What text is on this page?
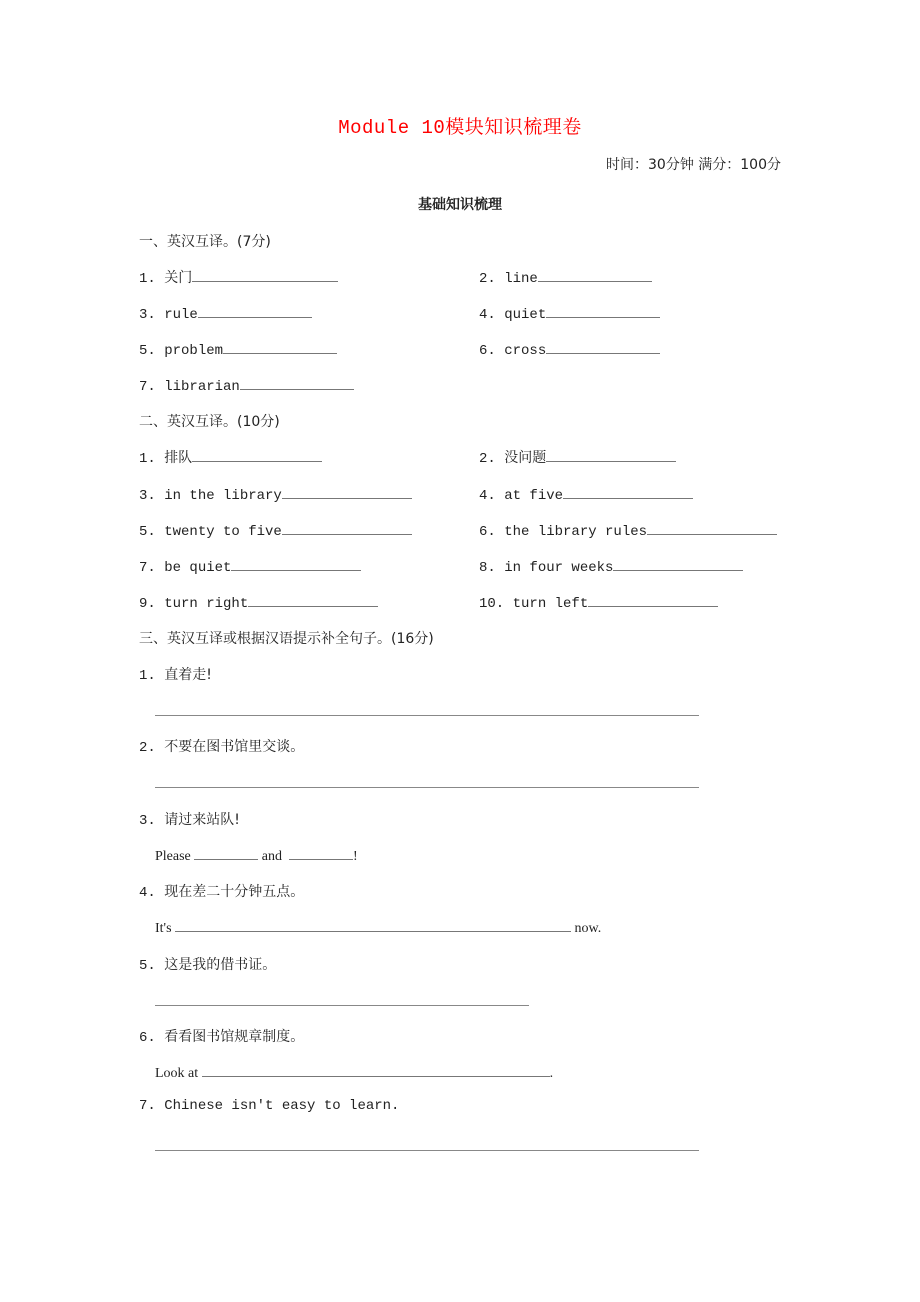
Module 10模块知识梳理卷
时间：30分钟 满分：100分
基础知识梳理
一、英汉互译。(7分)
1. 关门	2. line
3. rule	4. quiet
5. problem	6. cross
7. librarian
二、英汉互译。(10分)
1. 排队	2. 没问题
3. in the library	4. at five
5. twenty to five	6. the library rules
7. be quiet	8. in four weeks
9. turn right	10. turn left
三、英汉互译或根据汉语提示补全句子。(16分)
1. 直着走!
2. 不要在图书馆里交谈。
3. 请过来站队!
Please	and	!
4. 现在差二十分钟五点。
It's	now.
5. 这是我的借书证。
6. 看看图书馆规章制度。
Look at	.
7. Chinese isn't easy to learn.
